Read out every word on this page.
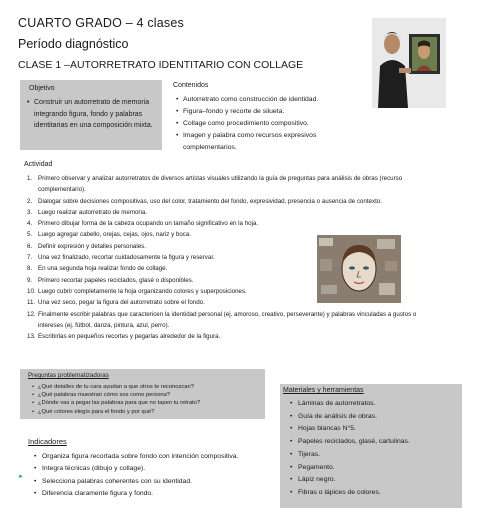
CUARTO GRADO – 4 clases
Período diagnóstico
CLASE 1 –AUTORRETRATO IDENTITARIO CON COLLAGE
Objetivo
• Construir un autorretrato de memoria integrando figura, fondo y palabras identitarias en una composición mixta.
Contenidos
• Autorretrato como construcción de identidad.
• Figura–fondo y recorte de silueta.
• Collage como procedimiento compositivo.
• Imagen y palabra como recursos expresivos complementarios.
Actividad
1. Primero observar y analizar autorretratos de diversos artistas visuales utilizando la guía de preguntas para análisis de obras (recurso complementario).
2. Dialogar sobre decisiones compositivas, uso del color, tratamiento del fondo, expresividad, presencia o ausencia de contexto.
3. Luego realizar autorretrato de memoria.
4. Primero dibujar forma de la cabeza ocupando un tamaño significativo en la hoja.
5. Luego agregar cabello, orejas, cejas, ojos, nariz y boca.
6. Definir expresión y detalles personales.
7. Una vez finalizado, recortar cuidadosamente la figura y reservar.
8. En una segunda hoja realizar fondo de collage.
9. Primero recortar papeles reciclados, glasé o disponibles.
10. Luego cubrir completamente la hoja organizando colores y superposiciones.
11. Una vez seco, pegar la figura del autorretrato sobre el fondo.
12. Finalmente escribir palabras que caractericen la identidad personal (ej. amoroso, creativo, perseverante) y palabras vinculadas a gustos o intereses (ej. fútbol, danza, pintura, azul, perro).
13. Escribirlas en pequeños recortes y pegarlas alrededor de la figura.
Preguntas problematizadoras
• ¿Qué detalles de tu cara ayudan a que otros te reconozcan?
• ¿Qué palabras muestran cómo sos como persona?
• ¿Dónde vas a pegar las palabras para que no tapen tu retrato?
• ¿Qué colores elegís para el fondo y por qué?
Indicadores
►
• Organiza figura recortada sobre fondo con intención compositiva.
• Integra técnicas (dibujo y collage).
• Selecciona palabras coherentes con su identidad.
• Diferencia claramente figura y fondo.
Materiales y herramientas
• Láminas de autorretratos.
• Guía de análisis de obras.
• Hojas blancas N°5.
• Papeles reciclados, glasé, cartulinas.
• Tijeras.
• Pegamento.
• Lápiz negro.
• Fibras o lápices de colores.
